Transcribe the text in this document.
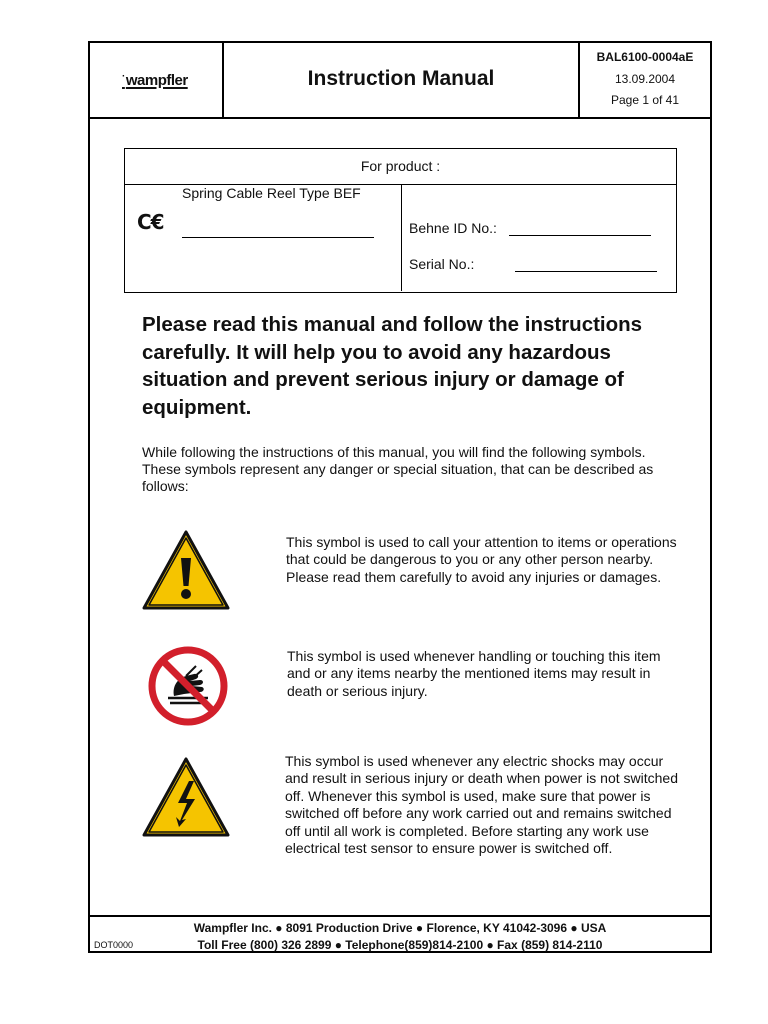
·wampfler	Instruction Manual
BAL6100-0004aE
13.09.2004
Page 1 of 41
Wampfler Inc. ● 8091 Production Drive ● Florence, KY 41042-3096 ● USA
Toll Free (800) 326 2899 ● Telephone(859)814-2100 ● Fax (859) 814-2110
DOT0000
For product :
C€
Spring Cable Reel Type BEF
Behne ID No.:
Serial No.:
Please read this manual and follow the instructions carefully. It will help you to avoid any hazardous situation and prevent serious injury or damage of equipment.
While following the instructions of this manual, you will find the following symbols. These symbols represent any danger or special situation, that can be described as follows:
This symbol is used to call your attention to items or operations that could be dangerous to you or any other person nearby. Please read them carefully to avoid any injuries or damages.
This symbol is used whenever handling or touching this item and or any items nearby the mentioned items may result in death or serious injury.
This symbol is used whenever any electric shocks may occur and result in serious injury or death when power is not switched off. Whenever this symbol is used, make sure that power is switched off before any work carried out and remains switched off until all work is completed. Before starting any work use electrical test sensor to ensure power is switched off.
